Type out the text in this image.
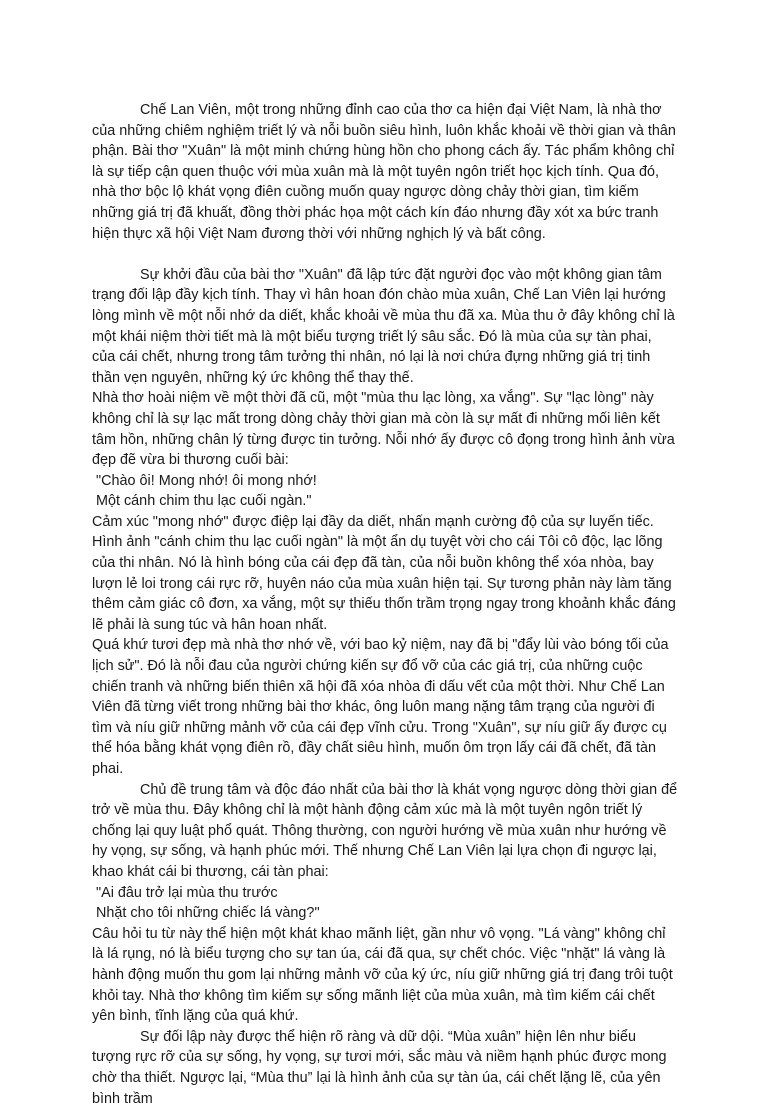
Chế Lan Viên, một trong những đỉnh cao của thơ ca hiện đại Việt Nam, là nhà thơ của những chiêm nghiệm triết lý và nỗi buồn siêu hình, luôn khắc khoải về thời gian và thân phận. Bài thơ "Xuân" là một minh chứng hùng hồn cho phong cách ấy. Tác phẩm không chỉ là sự tiếp cận quen thuộc với mùa xuân mà là một tuyên ngôn triết học kịch tính. Qua đó, nhà thơ bộc lộ khát vọng điên cuồng muốn quay ngược dòng chảy thời gian, tìm kiếm những giá trị đã khuất, đồng thời phác họa một cách kín đáo nhưng đầy xót xa bức tranh hiện thực xã hội Việt Nam đương thời với những nghịch lý và bất công.

Sự khởi đầu của bài thơ "Xuân" đã lập tức đặt người đọc vào một không gian tâm trạng đối lập đầy kịch tính. Thay vì hân hoan đón chào mùa xuân, Chế Lan Viên lại hướng lòng mình về một nỗi nhớ da diết, khắc khoải về mùa thu đã xa. Mùa thu ở đây không chỉ là một khái niệm thời tiết mà là một biểu tượng triết lý sâu sắc. Đó là mùa của sự tàn phai, của cái chết, nhưng trong tâm tưởng thi nhân, nó lại là nơi chứa đựng những giá trị tinh thần vẹn nguyên, những ký ức không thể thay thế.

Nhà thơ hoài niệm về một thời đã cũ, một "mùa thu lạc lòng, xa vắng". Sự "lạc lòng" này không chỉ là sự lạc mất trong dòng chảy thời gian mà còn là sự mất đi những mối liên kết tâm hồn, những chân lý từng được tin tưởng. Nỗi nhớ ấy được cô đọng trong hình ảnh vừa đẹp đẽ vừa bi thương cuối bài:

"Chào ôi! Mong nhớ! ôi mong nhớ!
Một cánh chim thu lạc cuối ngàn."

Cảm xúc "mong nhớ" được điệp lại đầy da diết, nhấn mạnh cường độ của sự luyến tiếc. Hình ảnh "cánh chim thu lạc cuối ngàn" là một ẩn dụ tuyệt vời cho cái Tôi cô độc, lạc lõng của thi nhân. Nó là hình bóng của cái đẹp đã tàn, của nỗi buồn không thể xóa nhòa, bay lượn lẻ loi trong cái rực rỡ, huyên náo của mùa xuân hiện tại. Sự tương phản này làm tăng thêm cảm giác cô đơn, xa vắng, một sự thiếu thốn trầm trọng ngay trong khoảnh khắc đáng lẽ phải là sung túc và hân hoan nhất.

Quá khứ tươi đẹp mà nhà thơ nhớ về, với bao kỷ niệm, nay đã bị "đẩy lùi vào bóng tối của lịch sử". Đó là nỗi đau của người chứng kiến sự đổ vỡ của các giá trị, của những cuộc chiến tranh và những biến thiên xã hội đã xóa nhòa đi dấu vết của một thời. Như Chế Lan Viên đã từng viết trong những bài thơ khác, ông luôn mang nặng tâm trạng của người đi tìm và níu giữ những mảnh vỡ của cái đẹp vĩnh cửu. Trong "Xuân", sự níu giữ ấy được cụ thể hóa bằng khát vọng điên rồ, đầy chất siêu hình, muốn ôm trọn lấy cái đã chết, đã tàn phai.

Chủ đề trung tâm và độc đáo nhất của bài thơ là khát vọng ngược dòng thời gian để trở về mùa thu. Đây không chỉ là một hành động cảm xúc mà là một tuyên ngôn triết lý chống lại quy luật phổ quát. Thông thường, con người hướng về mùa xuân như hướng về hy vọng, sự sống, và hạnh phúc mới. Thế nhưng Chế Lan Viên lại lựa chọn đi ngược lại, khao khát cái bi thương, cái tàn phai:

"Ai đâu trở lại mùa thu trước
Nhặt cho tôi những chiếc lá vàng?"

Câu hỏi tu từ này thể hiện một khát khao mãnh liệt, gần như vô vọng. "Lá vàng" không chỉ là lá rụng, nó là biểu tượng cho sự tan úa, cái đã qua, sự chết chóc. Việc "nhặt" lá vàng là hành động muốn thu gom lại những mảnh vỡ của ký ức, níu giữ những giá trị đang trôi tuột khỏi tay. Nhà thơ không tìm kiếm sự sống mãnh liệt của mùa xuân, mà tìm kiếm cái chết yên bình, tĩnh lặng của quá khứ.

Sự đối lập này được thể hiện rõ ràng và dữ dội. “Mùa xuân” hiện lên như biểu tượng rực rỡ của sự sống, hy vọng, sự tươi mới, sắc màu và niềm hạnh phúc được mong chờ tha thiết. Ngược lại, “Mùa thu” lại là hình ảnh của sự tàn úa, cái chết lặng lẽ, của yên bình trầm
